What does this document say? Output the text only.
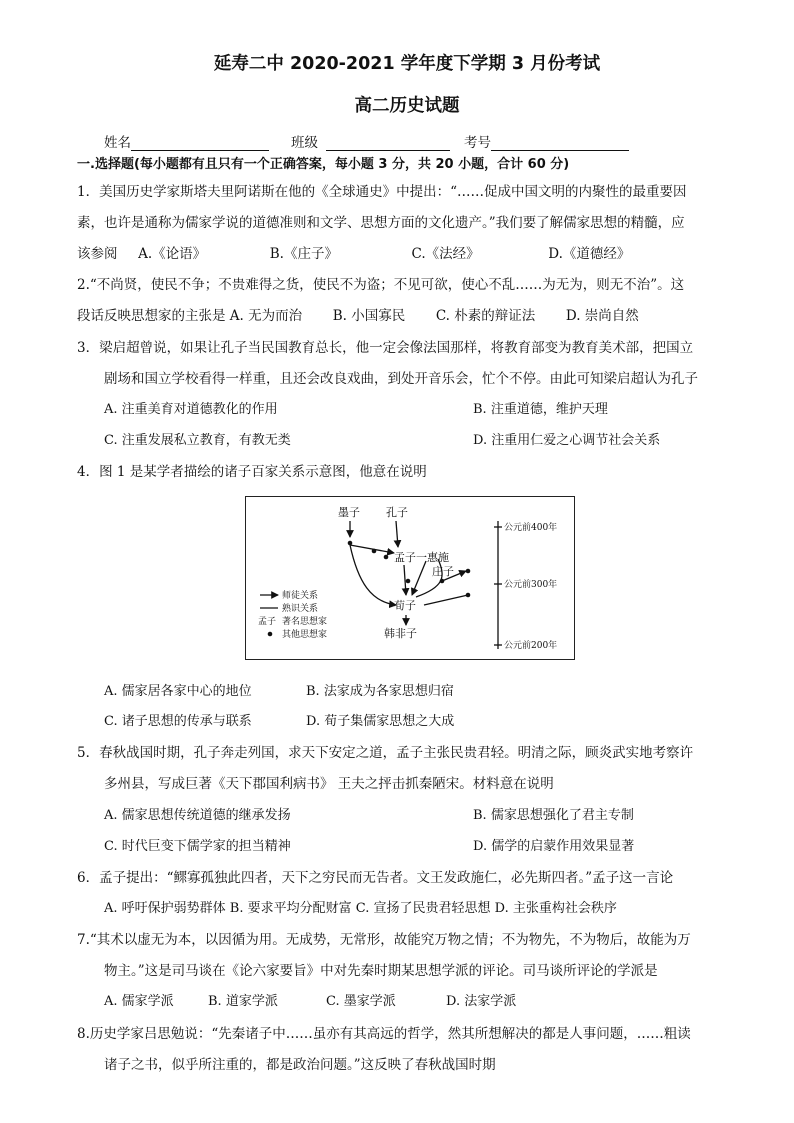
延寿二中 2020-2021 学年度下学期 3 月份考试
高二历史试题
姓名	班级	考号
一.选择题(每小题都有且只有一个正确答案，每小题 3 分，共 20 小题，合计 60 分)
1．美国历史学家斯塔夫里阿诺斯在他的《全球通史》中提出：“……促成中国文明的内聚性的最重要因
素，也许是通称为儒家学说的道德准则和文学、思想方面的文化遗产。”我们要了解儒家思想的精髓，应
该参阅 A.《论语》	B.《庄子》	C.《法经》	D.《道德经》
2.“不尚贤，使民不争；不贵难得之货，使民不为盗；不见可欲，使心不乱……为无为，则无不治”。这
段话反映思想家的主张是 A. 无为而治 B. 小国寡民 C. 朴素的辩证法 D. 崇尚自然
3．梁启超曾说，如果让孔子当民国教育总长，他一定会像法国那样，将教育部变为教育美术部，把国立
剧场和国立学校看得一样重，且还会改良戏曲，到处开音乐会，忙个不停。由此可知梁启超认为孔子
A. 注重美育对道德教化的作用	B. 注重道德，维护天理
C. 注重发展私立教育，有教无类	D. 注重用仁爱之心调节社会关系
4．图 1 是某学者描绘的诸子百家关系示意图，他意在说明
墨子 孔子
孟子一惠施
庄子
荀子
韩非子
师徒关系
熟识关系
孟子 著名思想家
其他思想家
公元前400年
公元前300年
公元前200年
A. 儒家居各家中心的地位	B. 法家成为各家思想归宿
C. 诸子思想的传承与联系	D. 荀子集儒家思想之大成
5．春秋战国时期，孔子奔走列国，求天下安定之道，孟子主张民贵君轻。明清之际，顾炎武实地考察许
多州县，写成巨著《天下郡国利病书》 王夫之抨击抓秦陋宋。材料意在说明
A. 儒家思想传统道德的继承发扬	B. 儒家思想强化了君主专制
C. 时代巨变下儒学家的担当精神	D. 儒学的启蒙作用效果显著
6．孟子提出：“鳏寡孤独此四者，天下之穷民而无告者。文王发政施仁，必先斯四者。”孟子这一言论
A. 呼吁保护弱势群体 B. 要求平均分配财富 C. 宣扬了民贵君轻思想 D. 主张重构社会秩序
7.“其术以虚无为本，以因循为用。无成势，无常形，故能究万物之情；不为物先，不为物后，故能为万
物主。”这是司马谈在《论六家要旨》中对先秦时期某思想学派的评论。司马谈所评论的学派是
A. 儒家学派	B. 道家学派	C. 墨家学派	D. 法家学派
8.历史学家吕思勉说：“先秦诸子中……虽亦有其高远的哲学，然其所想解决的都是人事问题，……粗读
诸子之书，似乎所注重的，都是政治问题。”这反映了春秋战国时期
